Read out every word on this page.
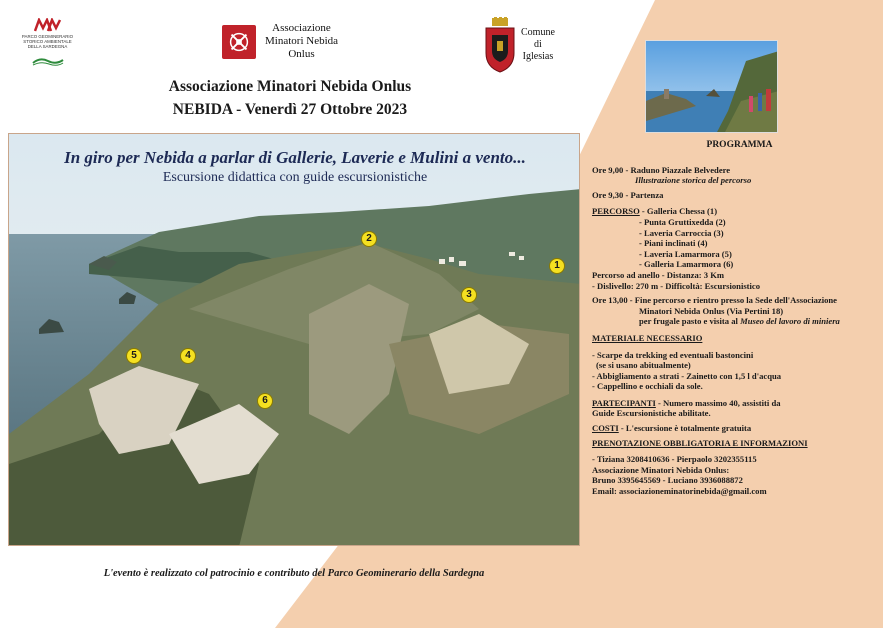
PARCO GEOMINERARIO STORICO AMBIENTALE DELLA SARDEGNA
Associazione
Minatori Nebida
Onlus
Comune
di
Iglesias
Associazione Minatori Nebida Onlus
NEBIDA - Venerdì 27 Ottobre 2023
In giro per Nebida a parlar di Gallerie, Laverie e Mulini a vento...
Escursione didattica con guide escursionistiche
1
2
3
4
5
6
PROGRAMMA
Ore 9,00 - Raduno Piazzale Belvedere
Illustrazione storica del percorso
Ore 9,30 - Partenza
PERCORSO - Galleria Chessa (1)
- Punta Gruttixedda (2)
- Laveria Carroccia (3)
- Piani inclinati (4)
- Laveria Lamarmora (5)
- Galleria Lamarmora (6)
Percorso ad anello - Distanza: 3 Km
- Dislivello: 270 m - Difficoltà: Escursionistico
Ore 13,00 - Fine percorso e rientro presso la Sede dell'Associazione
Minatori Nebida Onlus (Via Pertini 18)
per frugale pasto e visita al Museo del lavoro di miniera
MATERIALE NECESSARIO
- Scarpe da trekking ed eventuali bastoncini
(se si usano abitualmente)
- Abbigliamento a strati - Zainetto con 1,5 l d'acqua
- Cappellino e occhiali da sole.
PARTECIPANTI - Numero massimo 40, assistiti da
Guide Escursionistiche abilitate.
COSTI - L'escursione è totalmente gratuita
PRENOTAZIONE OBBLIGATORIA E INFORMAZIONI
- Tiziana 3208410636 - Pierpaolo 3202355115
Associazione Minatori Nebida Onlus:
Bruno 3395645569 - Luciano 3936088872
Email: associazioneminatorinebida@gmail.com
L'evento è realizzato col patrocinio e contributo del Parco Geominerario della Sardegna
